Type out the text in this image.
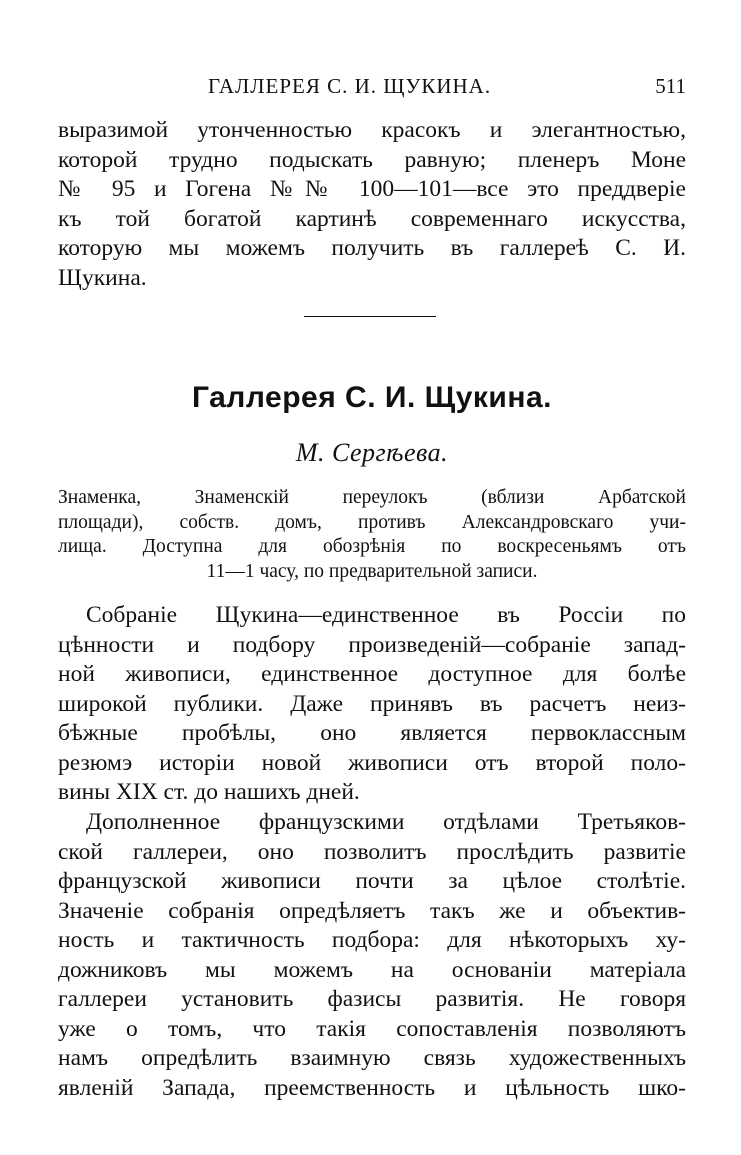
ГАЛЛЕРЕЯ С. И. ЩУКИНА.	511
выразимой утонченностью красокъ и элегантностью,
которой трудно подыскать равную; пленеръ Моне
№ 95 и Гогена №№ 100—101—все это преддверіе
къ той богатой картинѣ современнаго искусства,
которую мы можемъ получить въ галлереѣ С. И.
Щукина.
Галлерея С. И. Щукина.
М. Сергѣева.
Знаменка, Знаменскій переулокъ (вблизи Арбатской
площади), собств. домъ, противъ Александровскаго учи-
лища. Доступна для обозрѣнія по воскресеньямъ отъ
11—1 часу, по предварительной записи.
Собраніе Щукина—единственное въ Россіи по
цѣнности и подбору произведеній—собраніе запад-
ной живописи, единственное доступное для болѣе
широкой публики. Даже принявъ въ расчетъ неиз-
бѣжные пробѣлы, оно является первоклассным
резюмэ исторіи новой живописи отъ второй поло-
вины XIX ст. до нашихъ дней.
Дополненное французскими отдѣлами Третьяков-
ской галлереи, оно позволитъ прослѣдить развитіе
французской живописи почти за цѣлое столѣтіе.
Значеніе собранія опредѣляетъ такъ же и объектив-
ность и тактичность подбора: для нѣкоторыхъ ху-
дожниковъ мы можемъ на основаніи матеріала
галлереи установить фазисы развитія. Не говоря
уже о томъ, что такія сопоставленія позволяютъ
намъ опредѣлить взаимную связь художественныхъ
явленій Запада, преемственность и цѣльность шко-
